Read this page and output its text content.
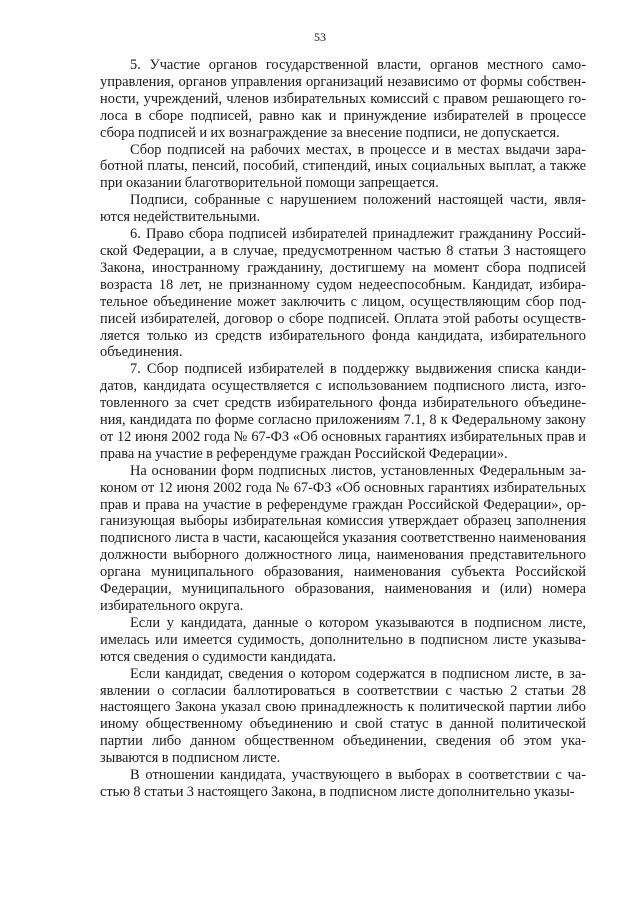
53

5. Участие органов государственной власти, органов местного самоуправления, органов управления организаций независимо от формы собственности, учреждений, членов избирательных комиссий с правом решающего голоса в сборе подписей, равно как и принуждение избирателей в процессе сбора подписей и их вознаграждение за внесение подписи, не допускается.

Сбор подписей на рабочих местах, в процессе и в местах выдачи заработной платы, пенсий, пособий, стипендий, иных социальных выплат, а также при оказании благотворительной помощи запрещается.

Подписи, собранные с нарушением положений настоящей части, являются недействительными.

6. Право сбора подписей избирателей принадлежит гражданину Российской Федерации, а в случае, предусмотренном частью 8 статьи 3 настоящего Закона, иностранному гражданину, достигшему на момент сбора подписей возраста 18 лет, не признанному судом недееспособным. Кандидат, избирательное объединение может заключить с лицом, осуществляющим сбор подписей избирателей, договор о сборе подписей. Оплата этой работы осуществляется только из средств избирательного фонда кандидата, избирательного объединения.

7. Сбор подписей избирателей в поддержку выдвижения списка кандидатов, кандидата осуществляется с использованием подписного листа, изготовленного за счет средств избирательного фонда избирательного объединения, кандидата по форме согласно приложениям 7.1, 8 к Федеральному закону от 12 июня 2002 года № 67-ФЗ «Об основных гарантиях избирательных прав и права на участие в референдуме граждан Российской Федерации».

На основании форм подписных листов, установленных Федеральным законом от 12 июня 2002 года № 67-ФЗ «Об основных гарантиях избирательных прав и права на участие в референдуме граждан Российской Федерации», организующая выборы избирательная комиссия утверждает образец заполнения подписного листа в части, касающейся указания соответственно наименования должности выборного должностного лица, наименования представительного органа муниципального образования, наименования субъекта Российской Федерации, муниципального образования, наименования и (или) номера избирательного округа.

Если у кандидата, данные о котором указываются в подписном листе, имелась или имеется судимость, дополнительно в подписном листе указываются сведения о судимости кандидата.

Если кандидат, сведения о котором содержатся в подписном листе, в заявлении о согласии баллотироваться в соответствии с частью 2 статьи 28 настоящего Закона указал свою принадлежность к политической партии либо иному общественному объединению и свой статус в данной политической партии либо данном общественном объединении, сведения об этом указываются в подписном листе.

В отношении кандидата, участвующего в выборах в соответствии с частью 8 статьи 3 настоящего Закона, в подписном листе дополнительно указы-
